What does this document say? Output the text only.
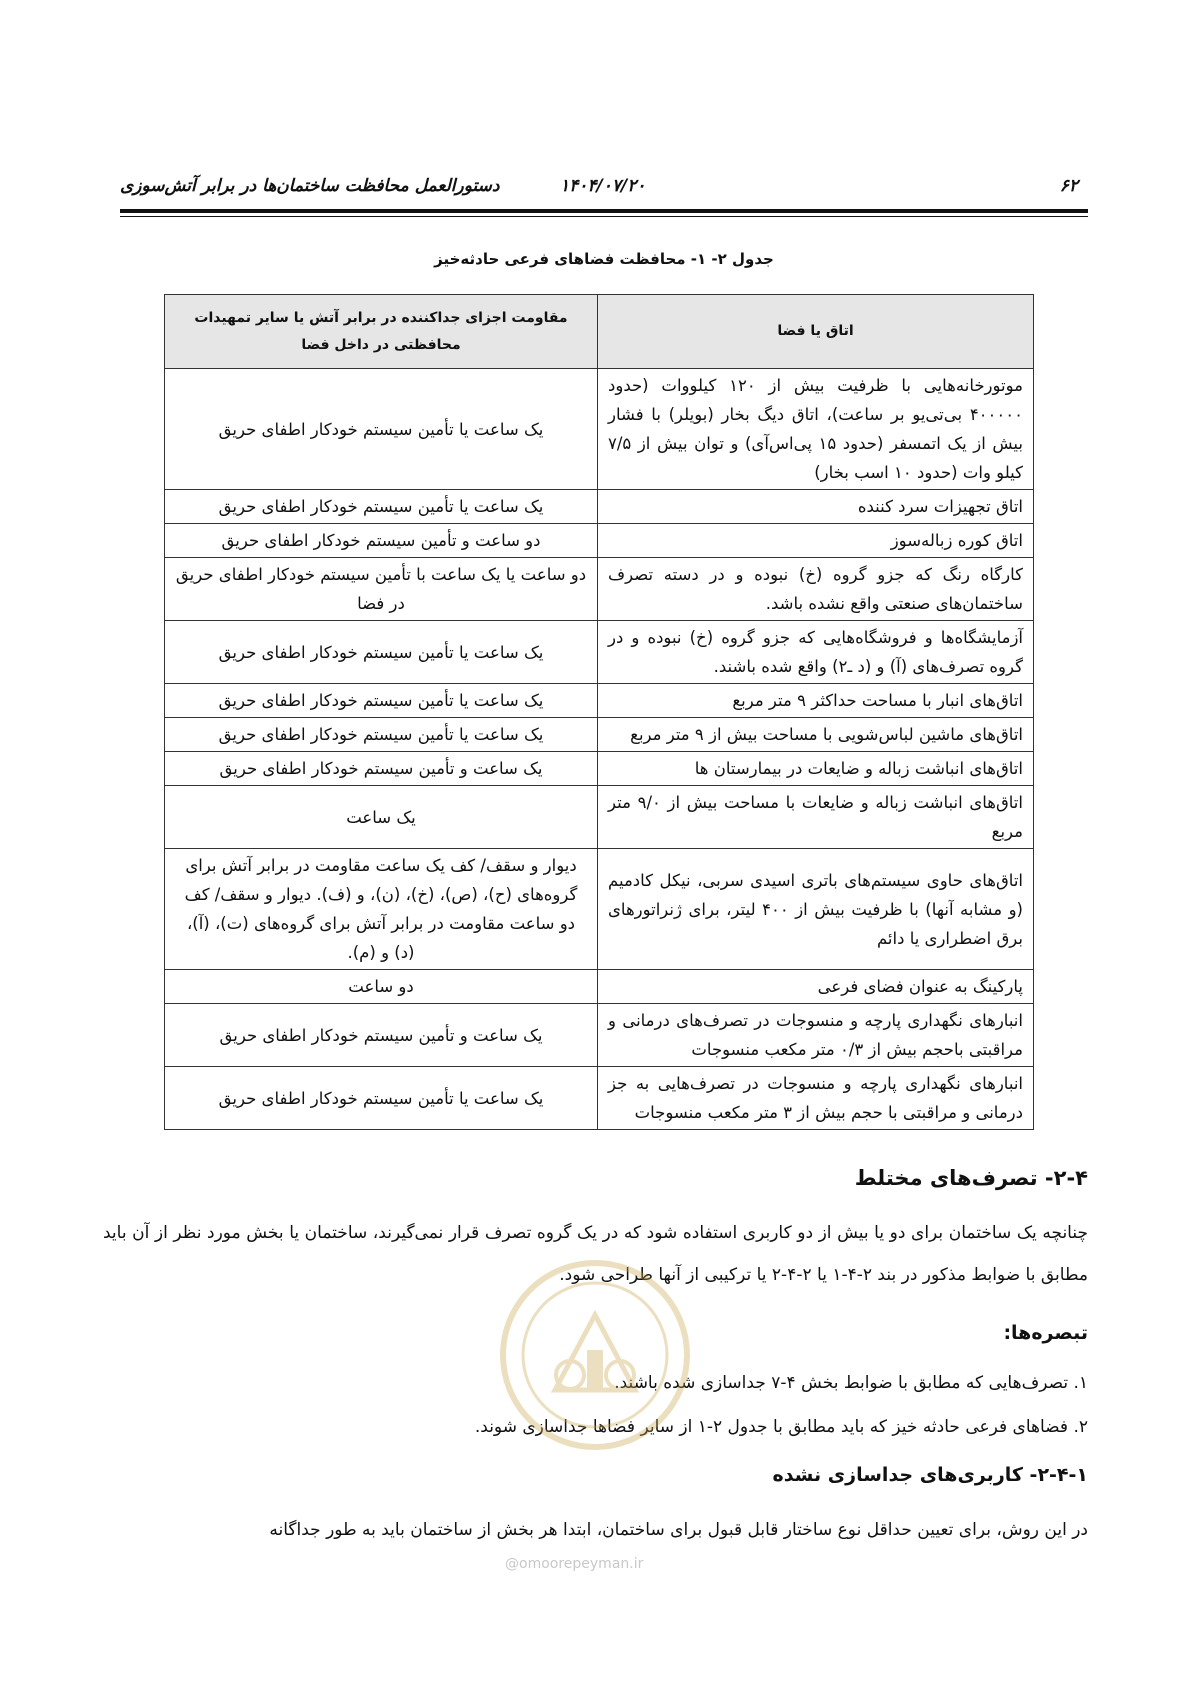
۶۲
۱۴۰۴/۰۷/۲۰
دستورالعمل محافظت ساختمان‌ها در برابر آتش‌سوزی
جدول ۲- ۱- محافظت فضاهای فرعی حادثه‌خیز
اتاق یا فضا	مقاومت اجزای جداکننده در برابر آتش یا سایر تمهیدات محافظتی در داخل فضا
موتورخانه‌هایی با ظرفیت بیش از ۱۲۰ کیلووات (حدود ۴۰۰۰۰۰ بی‌تی‌یو بر ساعت)، اتاق دیگ بخار (بویلر) با فشار بیش از یک اتمسفر (حدود ۱۵ پی‌اس‌آی) و توان بیش از ۷/۵ کیلو وات (حدود ۱۰ اسب بخار)	یک ساعت یا تأمین سیستم خودکار اطفای حریق
اتاق تجهیزات سرد کننده	یک ساعت یا تأمین سیستم خودکار اطفای حریق
اتاق کوره زباله‌سوز	دو ساعت و تأمین سیستم خودکار اطفای حریق
کارگاه رنگ که جزو گروه (خ) نبوده و در دسته تصرف ساختمان‌های صنعتی واقع نشده باشد.	دو ساعت یا یک ساعت با تأمین سیستم خودکار اطفای حریق در فضا
آزمایشگاه‌ها و فروشگاه‌هایی که جزو گروه (خ) نبوده و در گروه تصرف‌های (آ) و (د ـ۲) واقع شده باشند.	یک ساعت یا تأمین سیستم خودکار اطفای حریق
اتاق‌های انبار با مساحت حداکثر ۹ متر مربع	یک ساعت یا تأمین سیستم خودکار اطفای حریق
اتاق‌های ماشین لباس‌شویی با مساحت بیش از ۹ متر مربع	یک ساعت یا تأمین سیستم خودکار اطفای حریق
اتاق‌های انباشت زباله و ضایعات در بیمارستان ها	یک ساعت و تأمین سیستم خودکار اطفای حریق
اتاق‌های انباشت زباله و ضایعات با مساحت بیش از ۹/۰ متر مربع	یک ساعت
اتاق‌های حاوی سیستم‌های باتری اسیدی سربی، نیکل کادمیم (و مشابه آنها) با ظرفیت بیش از ۴۰۰ لیتر، برای ژنراتورهای برق اضطراری یا دائم	دیوار و سقف/ کف یک ساعت مقاومت در برابر آتش برای گروه‌های (ح)، (ص)، (خ)، (ن)، و (ف). دیوار و سقف/ کف دو ساعت مقاومت در برابر آتش برای گروه‌های (ت)، (آ)، (د) و (م).
پارکینگ به عنوان فضای فرعی	دو ساعت
انبارهای نگهداری پارچه و منسوجات در تصرف‌های درمانی و مراقبتی باحجم بیش از ۰/۳ متر مکعب منسوجات	یک ساعت و تأمین سیستم خودکار اطفای حریق
انبارهای نگهداری پارچه و منسوجات در تصرف‌هایی به جز درمانی و مراقبتی با حجم بیش از ۳ متر مکعب منسوجات	یک ساعت یا تأمین سیستم خودکار اطفای حریق
۲-۴- تصرف‌های مختلط
چنانچه یک ساختمان برای دو یا بیش از دو کاربری استفاده شود که در یک گروه تصرف قرار نمی‌گیرند، ساختمان یا بخش مورد نظر از آن باید مطابق با ضوابط مذکور در بند ۲-۴-۱ یا ۲-۴-۲ یا ترکیبی از آنها طراحی شود.
تبصره‌ها:
۱. تصرف‌هایی که مطابق با ضوابط بخش ۴-۷ جداسازی شده باشند.
۲. فضاهای فرعی حادثه خیز که باید مطابق با جدول ۲-۱ از سایر فضاها جداسازی شوند.
۲-۴-۱- کاربری‌های جداسازی نشده
در این روش، برای تعیین حداقل نوع ساختار قابل قبول برای ساختمان، ابتدا هر بخش از ساختمان باید به طور جداگانه
@omoorepeyman.ir
